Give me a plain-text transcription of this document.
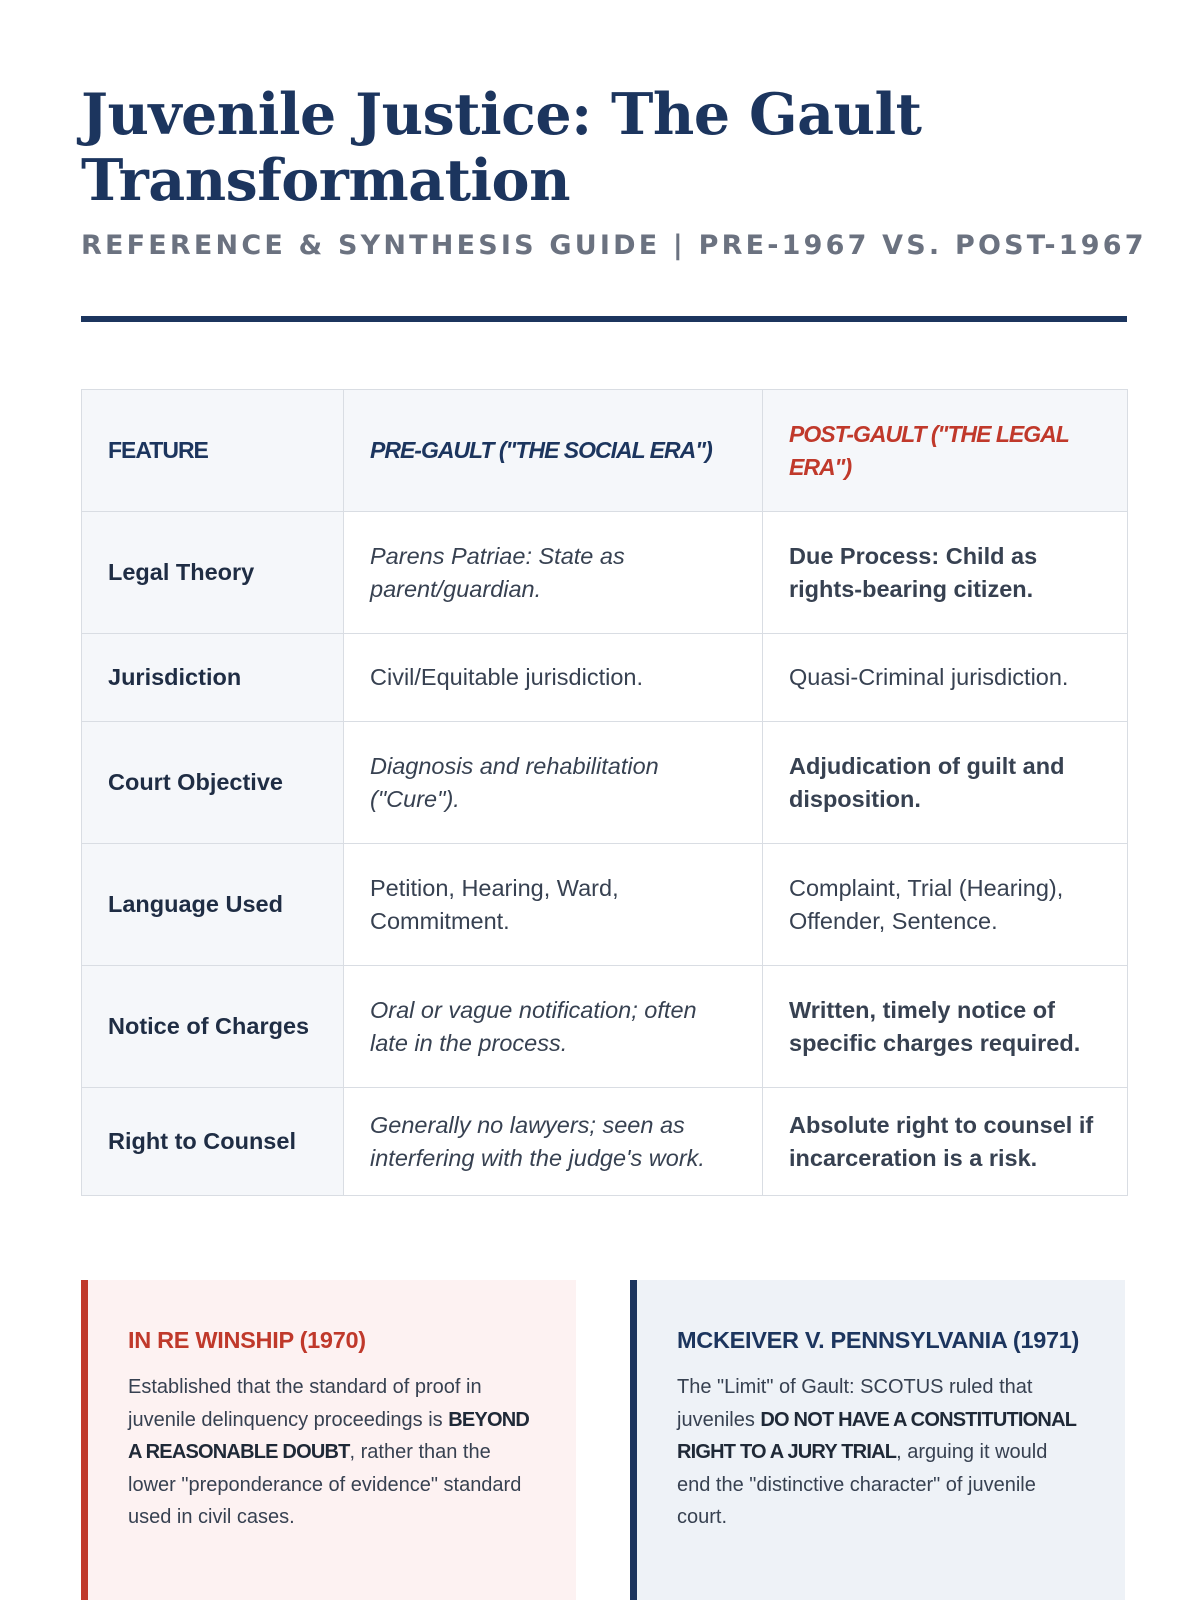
Juvenile Justice: The Gault Transformation
REFERENCE & SYNTHESIS GUIDE | PRE-1967 VS. POST-1967
FEATURE	PRE-GAULT ("THE SOCIAL ERA")	POST-GAULT ("THE LEGAL ERA")
Legal Theory	Parens Patriae: State as parent/guardian.	Due Process: Child as rights-bearing citizen.
Jurisdiction	Civil/Equitable jurisdiction.	Quasi-Criminal jurisdiction.
Court Objective	Diagnosis and rehabilitation ("Cure").	Adjudication of guilt and disposition.
Language Used	Petition, Hearing, Ward, Commitment.	Complaint, Trial (Hearing), Offender, Sentence.
Notice of Charges	Oral or vague notification; often late in the process.	Written, timely notice of specific charges required.
Right to Counsel	Generally no lawyers; seen as interfering with the judge's work.	Absolute right to counsel if incarceration is a risk.
IN RE WINSHIP (1970)

Established that the standard of proof in juvenile delinquency proceedings is BEYOND A REASONABLE DOUBT, rather than the lower "preponderance of evidence" standard used in civil cases.

MCKEIVER V. PENNSYLVANIA (1971)

The "Limit" of Gault: SCOTUS ruled that juveniles DO NOT HAVE A CONSTITUTIONAL RIGHT TO A JURY TRIAL, arguing it would end the "distinctive character" of juvenile court.
